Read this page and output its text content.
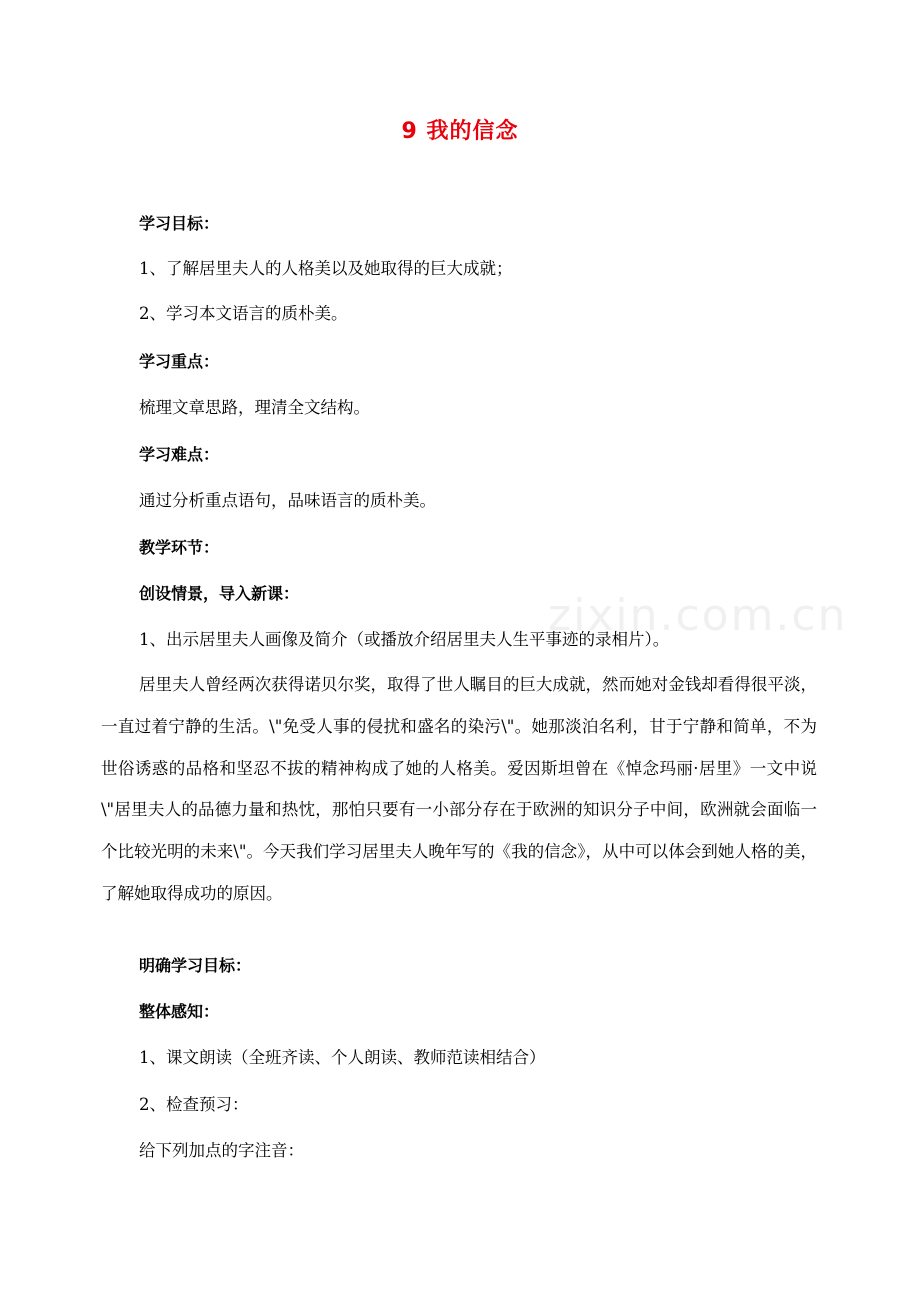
9 我的信念
学习目标：
1、了解居里夫人的人格美以及她取得的巨大成就；
2、学习本文语言的质朴美。
学习重点：
梳理文章思路，理清全文结构。
学习难点：
通过分析重点语句，品味语言的质朴美。
教学环节：
创设情景，导入新课：
1、出示居里夫人画像及简介（或播放介绍居里夫人生平事迹的录相片）。

居里夫人曾经两次获得诺贝尔奖，取得了世人瞩目的巨大成就，然而她对金钱却看得很平淡，一直过着宁静的生活。\"免受人事的侵扰和盛名的染污\"。她那淡泊名利，甘于宁静和简单，不为世俗诱惑的品格和坚忍不拔的精神构成了她的人格美。爱因斯坦曾在《悼念玛丽·居里》一文中说\"居里夫人的品德力量和热忱，那怕只要有一小部分存在于欧洲的知识分子中间，欧洲就会面临一个比较光明的未来\"。今天我们学习居里夫人晚年写的《我的信念》，从中可以体会到她人格的美，了解她取得成功的原因。

明确学习目标：
整体感知：
1、课文朗读（全班齐读、个人朗读、教师范读相结合）
2、检查预习：
给下列加点的字注音：
zixin.com.cn
